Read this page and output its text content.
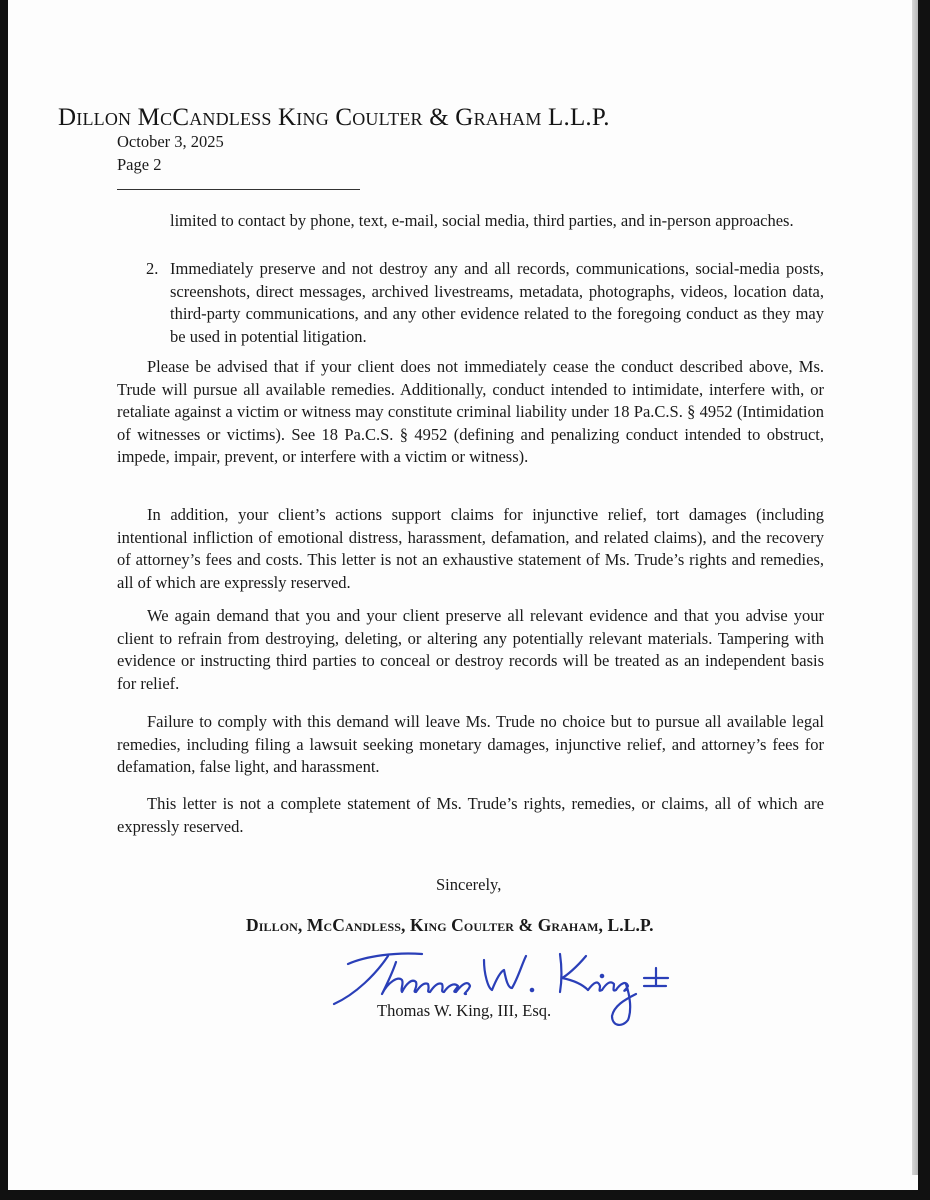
Dillon McCandless King Coulter & Graham L.L.P.
October 3, 2025
Page 2
limited to contact by phone, text, e-mail, social media, third parties, and in-person approaches.
2. Immediately preserve and not destroy any and all records, communications, social-media posts, screenshots, direct messages, archived livestreams, metadata, photographs, videos, location data, third-party communications, and any other evidence related to the foregoing conduct as they may be used in potential litigation.
Please be advised that if your client does not immediately cease the conduct described above, Ms. Trude will pursue all available remedies. Additionally, conduct intended to intimidate, interfere with, or retaliate against a victim or witness may constitute criminal liability under 18 Pa.C.S. § 4952 (Intimidation of witnesses or victims). See 18 Pa.C.S. § 4952 (defining and penalizing conduct intended to obstruct, impede, impair, prevent, or interfere with a victim or witness).
In addition, your client’s actions support claims for injunctive relief, tort damages (including intentional infliction of emotional distress, harassment, defamation, and related claims), and the recovery of attorney’s fees and costs. This letter is not an exhaustive statement of Ms. Trude’s rights and remedies, all of which are expressly reserved.
We again demand that you and your client preserve all relevant evidence and that you advise your client to refrain from destroying, deleting, or altering any potentially relevant materials. Tampering with evidence or instructing third parties to conceal or destroy records will be treated as an independent basis for relief.
Failure to comply with this demand will leave Ms. Trude no choice but to pursue all available legal remedies, including filing a lawsuit seeking monetary damages, injunctive relief, and attorney’s fees for defamation, false light, and harassment.
This letter is not a complete statement of Ms. Trude’s rights, remedies, or claims, all of which are expressly reserved.
Sincerely,
Dillon, McCandless, King Coulter & Graham, L.L.P.
Thomas W. King, III, Esq.
